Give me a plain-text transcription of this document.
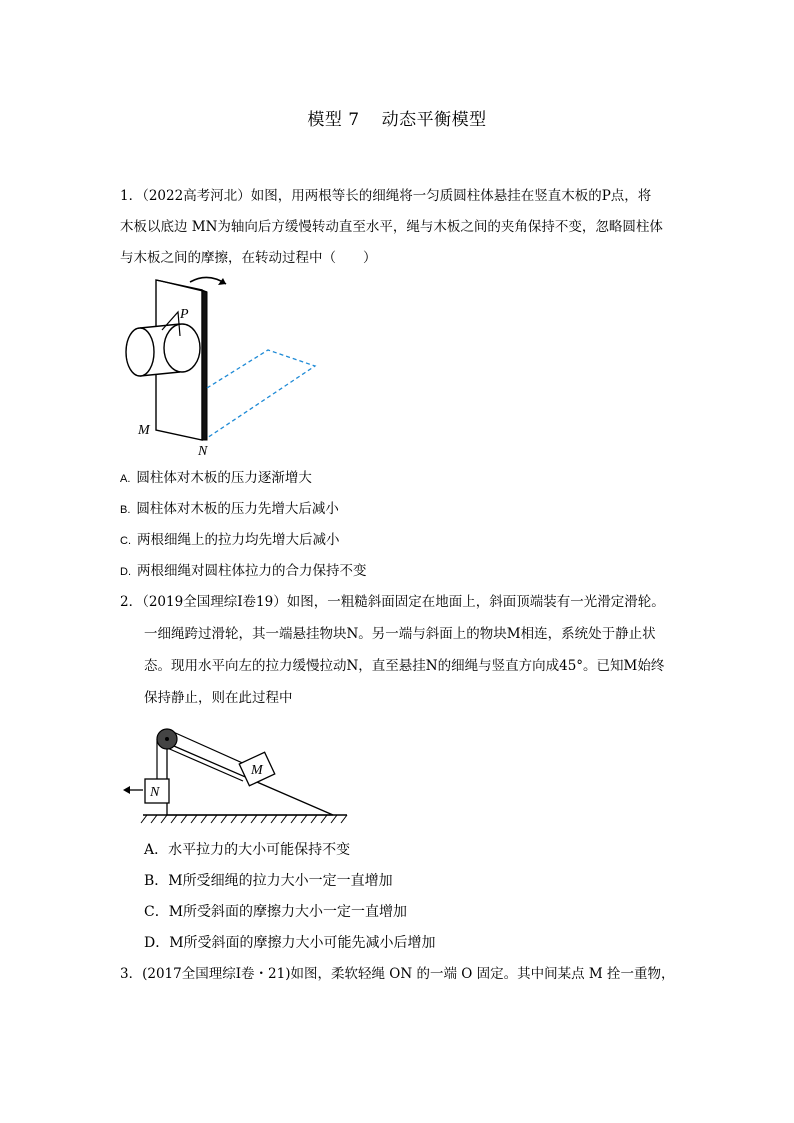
模型 7 动态平衡模型
1．（2022高考河北）如图，用两根等长的细绳将一匀质圆柱体悬挂在竖直木板的P点，将
木板以底边 MN为轴向后方缓慢转动直至水平，绳与木板之间的夹角保持不变，忽略圆柱体
与木板之间的摩擦，在转动过程中（　　）
P
M
N
A. 圆柱体对木板的压力逐渐增大
B. 圆柱体对木板的压力先增大后减小
C. 两根细绳上的拉力均先增大后减小
D. 两根细绳对圆柱体拉力的合力保持不变
2．（2019全国理综Ⅰ卷19）如图，一粗糙斜面固定在地面上，斜面顶端装有一光滑定滑轮。
一细绳跨过滑轮，其一端悬挂物块N。另一端与斜面上的物块M相连，系统处于静止状
态。现用水平向左的拉力缓慢拉动N，直至悬挂N的细绳与竖直方向成45°。已知M始终
保持静止，则在此过程中
M
N
A．水平拉力的大小可能保持不变
B．M所受细绳的拉力大小一定一直增加
C．M所受斜面的摩擦力大小一定一直增加
D．M所受斜面的摩擦力大小可能先减小后增加
3．(2017全国理综Ⅰ卷・21)如图，柔软轻绳 ON 的一端 O 固定。其中间某点 M 拴一重物，
